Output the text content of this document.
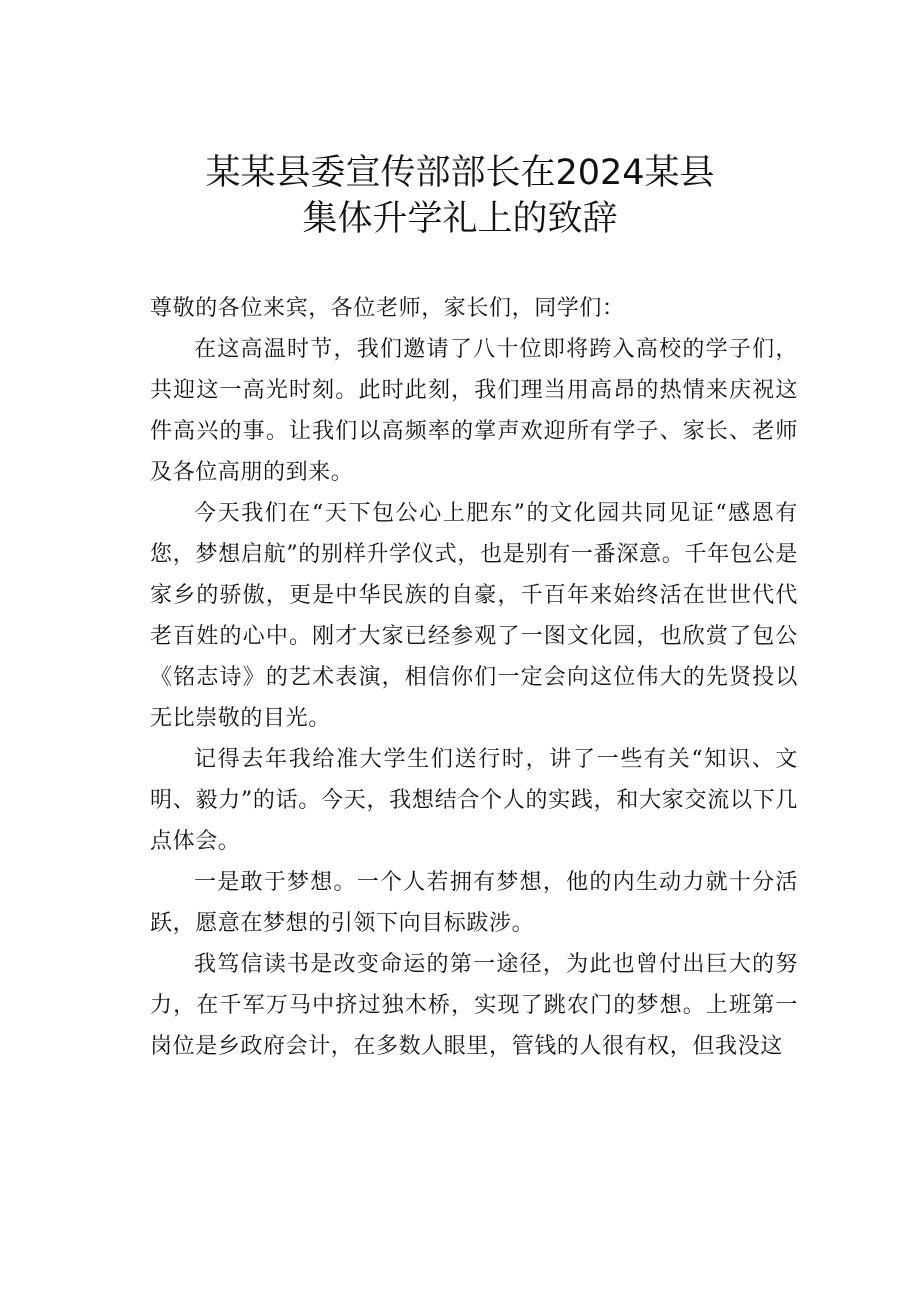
某某县委宣传部部长在2024某县
集体升学礼上的致辞

尊敬的各位来宾，各位老师，家长们，同学们：

在这高温时节，我们邀请了八十位即将跨入高校的学子们，共迎这一高光时刻。此时此刻，我们理当用高昂的热情来庆祝这件高兴的事。让我们以高频率的掌声欢迎所有学子、家长、老师及各位高朋的到来。

今天我们在“天下包公心上肥东”的文化园共同见证“感恩有您，梦想启航”的别样升学仪式，也是别有一番深意。千年包公是家乡的骄傲，更是中华民族的自豪，千百年来始终活在世世代代老百姓的心中。刚才大家已经参观了一图文化园，也欣赏了包公《铭志诗》的艺术表演，相信你们一定会向这位伟大的先贤投以无比崇敬的目光。

记得去年我给准大学生们送行时，讲了一些有关“知识、文明、毅力”的话。今天，我想结合个人的实践，和大家交流以下几点体会。

一是敢于梦想。一个人若拥有梦想，他的内生动力就十分活跃，愿意在梦想的引领下向目标跋涉。

我笃信读书是改变命运的第一途径，为此也曾付出巨大的努力，在千军万马中挤过独木桥，实现了跳农门的梦想。上班第一岗位是乡政府会计，在多数人眼里，管钱的人很有权，但我没这
